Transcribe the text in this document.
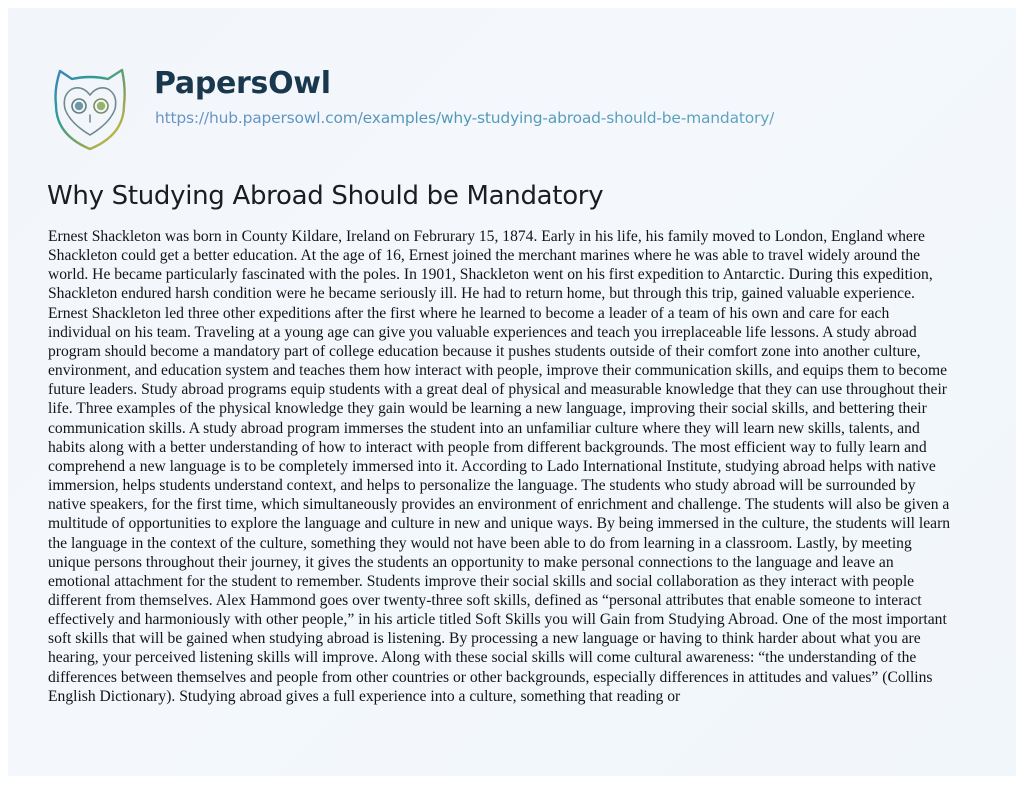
PapersOwl
https://hub.papersowl.com/examples/why-studying-abroad-should-be-mandatory/
Why Studying Abroad Should be Mandatory
Ernest Shackleton was born in County Kildare, Ireland on Februrary 15, 1874. Early in his life, his family moved to London, England where
Shackleton could get a better education. At the age of 16, Ernest joined the merchant marines where he was able to travel widely around the
world. He became particularly fascinated with the poles. In 1901, Shackleton went on his first expedition to Antarctic. During this expedition,
Shackleton endured harsh condition were he became seriously ill. He had to return home, but through this trip, gained valuable experience.
Ernest Shackleton led three other expeditions after the first where he learned to become a leader of a team of his own and care for each
individual on his team. Traveling at a young age can give you valuable experiences and teach you irreplaceable life lessons. A study abroad
program should become a mandatory part of college education because it pushes students outside of their comfort zone into another culture,
environment, and education system and teaches them how interact with people, improve their communication skills, and equips them to become
future leaders. Study abroad programs equip students with a great deal of physical and measurable knowledge that they can use throughout their
life. Three examples of the physical knowledge they gain would be learning a new language, improving their social skills, and bettering their
communication skills. A study abroad program immerses the student into an unfamiliar culture where they will learn new skills, talents, and
habits along with a better understanding of how to interact with people from different backgrounds. The most efficient way to fully learn and
comprehend a new language is to be completely immersed into it. According to Lado International Institute, studying abroad helps with native
immersion, helps students understand context, and helps to personalize the language. The students who study abroad will be surrounded by
native speakers, for the first time, which simultaneously provides an environment of enrichment and challenge. The students will also be given a
multitude of opportunities to explore the language and culture in new and unique ways. By being immersed in the culture, the students will learn
the language in the context of the culture, something they would not have been able to do from learning in a classroom. Lastly, by meeting
unique persons throughout their journey, it gives the students an opportunity to make personal connections to the language and leave an
emotional attachment for the student to remember. Students improve their social skills and social collaboration as they interact with people
different from themselves. Alex Hammond goes over twenty-three soft skills, defined as “personal attributes that enable someone to interact
effectively and harmoniously with other people,” in his article titled Soft Skills you will Gain from Studying Abroad. One of the most important
soft skills that will be gained when studying abroad is listening. By processing a new language or having to think harder about what you are
hearing, your perceived listening skills will improve. Along with these social skills will come cultural awareness: “the understanding of the
differences between themselves and people from other countries or other backgrounds, especially differences in attitudes and values” (Collins
English Dictionary). Studying abroad gives a full experience into a culture, something that reading or
